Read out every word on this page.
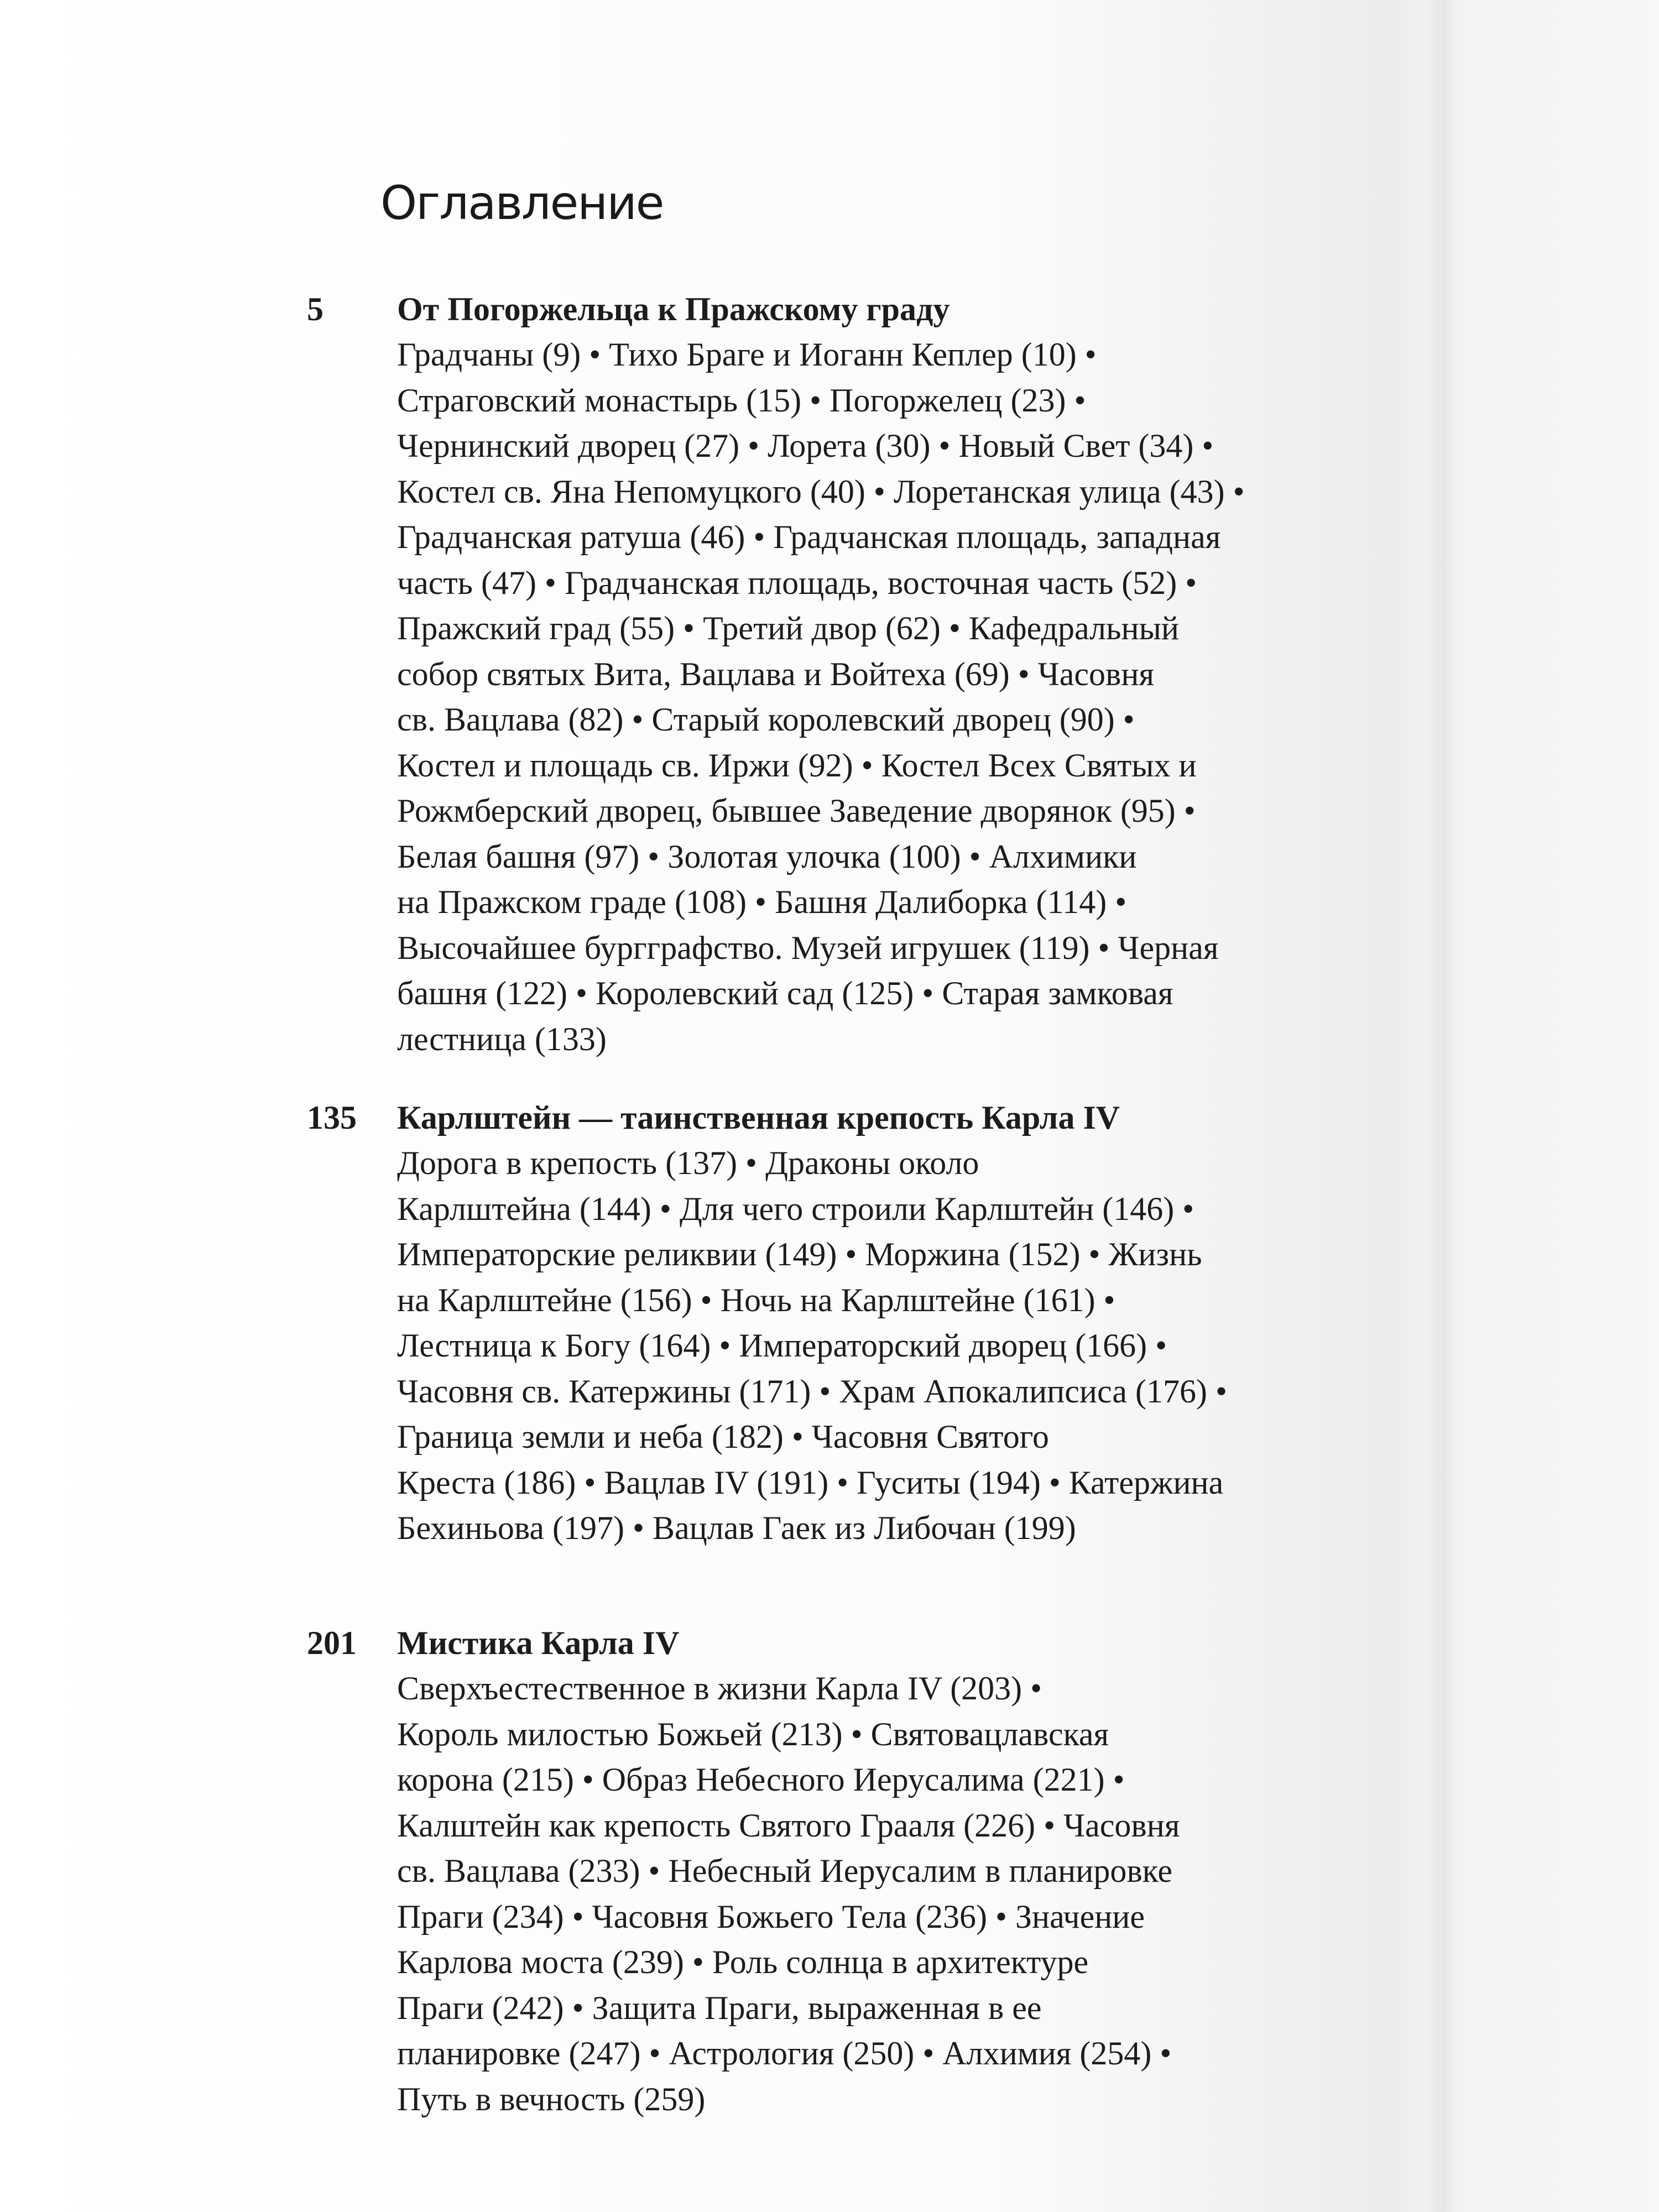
Оглавление
5 От Погоржельца к Пражскому граду
Градчаны (9) • Тихо Браге и Иоганн Кеплер (10) •
Страговский монастырь (15) • Погоржелец (23) •
Чернинский дворец (27) • Лорета (30) • Новый Свет (34) •
Костел св. Яна Непомуцкого (40) • Лоретанская улица (43) •
Градчанская ратуша (46) • Градчанская площадь, западная
часть (47) • Градчанская площадь, восточная часть (52) •
Пражский град (55) • Третий двор (62) • Кафедральный
собор святых Вита, Вацлава и Войтеха (69) • Часовня
св. Вацлава (82) • Старый королевский дворец (90) •
Костел и площадь св. Иржи (92) • Костел Всех Святых и
Рожмберский дворец, бывшее Заведение дворянок (95) •
Белая башня (97) • Золотая улочка (100) • Алхимики
на Пражском граде (108) • Башня Далиборка (114) •
Высочайшее бургграфство. Музей игрушек (119) • Черная
башня (122) • Королевский сад (125) • Старая замковая
лестница (133)
135 Карлштейн — таинственная крепость Карла IV
Дорога в крепость (137) • Драконы около
Карлштейна (144) • Для чего строили Карлштейн (146) •
Императорские реликвии (149) • Моржина (152) • Жизнь
на Карлштейне (156) • Ночь на Карлштейне (161) •
Лестница к Богу (164) • Императорский дворец (166) •
Часовня св. Катержины (171) • Храм Апокалипсиса (176) •
Граница земли и неба (182) • Часовня Святого
Креста (186) • Вацлав IV (191) • Гуситы (194) • Катержина
Бехиньова (197) • Вацлав Гаек из Либочан (199)
201 Мистика Карла IV
Сверхъестественное в жизни Карла IV (203) •
Король милостью Божьей (213) • Святовацлавская
корона (215) • Образ Небесного Иерусалима (221) •
Калштейн как крепость Святого Грааля (226) • Часовня
св. Вацлава (233) • Небесный Иерусалим в планировке
Праги (234) • Часовня Божьего Тела (236) • Значение
Карлова моста (239) • Роль солнца в архитектуре
Праги (242) • Защита Праги, выраженная в ее
планировке (247) • Астрология (250) • Алхимия (254) •
Путь в вечность (259)
